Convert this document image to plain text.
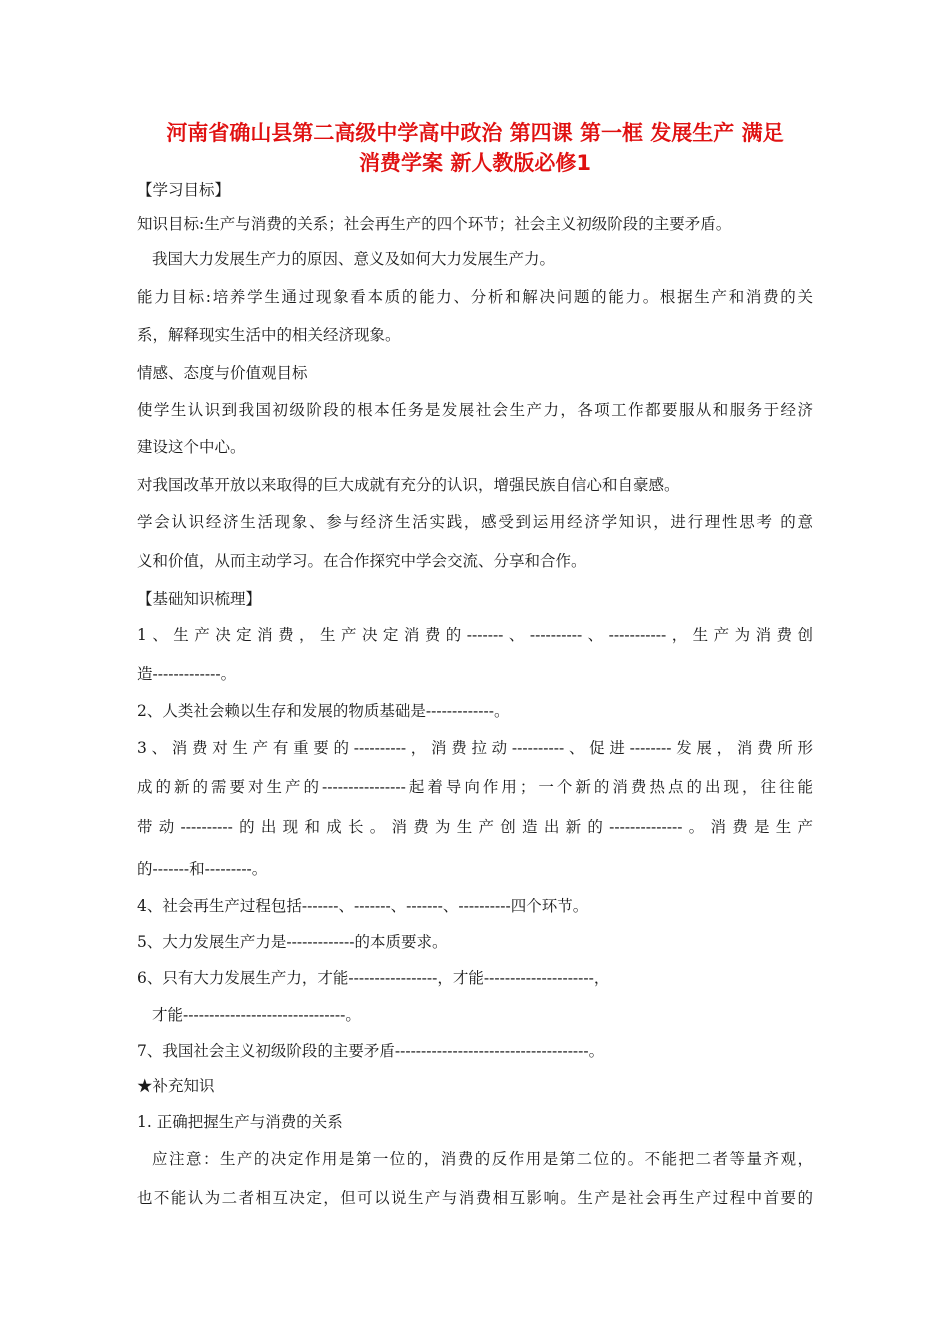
河南省确山县第二高级中学高中政治 第四课 第一框 发展生产 满足
消费学案 新人教版必修1
【学习目标】
知识目标:生产与消费的关系；社会再生产的四个环节；社会主义初级阶段的主要矛盾。
我国大力发展生产力的原因、意义及如何大力发展生产力。
能力目标:培养学生通过现象看本质的能力、分析和解决问题的能力。根据生产和消费的关
系，解释现实生活中的相关经济现象。
情感、态度与价值观目标
使学生认识到我国初级阶段的根本任务是发展社会生产力，各项工作都要服从和服务于经济
建设这个中心。
对我国改革开放以来取得的巨大成就有充分的认识，增强民族自信心和自豪感。
学会认识经济生活现象、参与经济生活实践，感受到运用经济学知识，进行理性思考 的意
义和价值，从而主动学习。在合作探究中学会交流、分享和合作。
【基础知识梳理】
1、生产决定消费，生产决定消费的-------、----------、-----------，生产为消费创
造-------------。
2、人类社会赖以生存和发展的物质基础是-------------。
3、消费对生产有重要的----------，消费拉动----------、促进--------发展，消费所形
成的新的需要对生产的----------------起着导向作用；一个新的消费热点的出现，往往能
带动----------的出现和成长。消费为生产创造出新的--------------。消费是生产
的-------和---------。
4、社会再生产过程包括-------、-------、-------、----------四个环节。
5、大力发展生产力是-------------的本质要求。
6、只有大力发展生产力，才能-----------------，才能---------------------，
才能-------------------------------。
7、我国社会主义初级阶段的主要矛盾-------------------------------------。
★补充知识
1. 正确把握生产与消费的关系
应注意：生产的决定作用是第一位的，消费的反作用是第二位的。不能把二者等量齐观，
也不能认为二者相互决定，但可以说生产与消费相互影响。生产是社会再生产过程中首要的
